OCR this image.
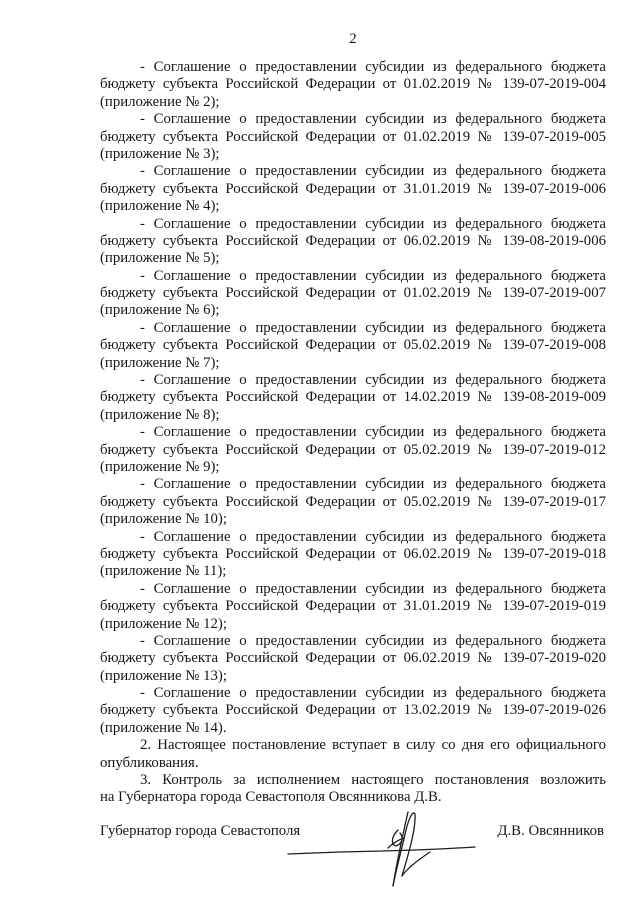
2
- Соглашение о предоставлении субсидии из федерального бюджета
бюджету субъекта Российской Федерации от 01.02.2019 № 139-07-2019-004
(приложение № 2);
- Соглашение о предоставлении субсидии из федерального бюджета
бюджету субъекта Российской Федерации от 01.02.2019 № 139-07-2019-005
(приложение № 3);
- Соглашение о предоставлении субсидии из федерального бюджета
бюджету субъекта Российской Федерации от 31.01.2019 № 139-07-2019-006
(приложение № 4);
- Соглашение о предоставлении субсидии из федерального бюджета
бюджету субъекта Российской Федерации от 06.02.2019 № 139-08-2019-006
(приложение № 5);
- Соглашение о предоставлении субсидии из федерального бюджета
бюджету субъекта Российской Федерации от 01.02.2019 № 139-07-2019-007
(приложение № 6);
- Соглашение о предоставлении субсидии из федерального бюджета
бюджету субъекта Российской Федерации от 05.02.2019 № 139-07-2019-008
(приложение № 7);
- Соглашение о предоставлении субсидии из федерального бюджета
бюджету субъекта Российской Федерации от 14.02.2019 № 139-08-2019-009
(приложение № 8);
- Соглашение о предоставлении субсидии из федерального бюджета
бюджету субъекта Российской Федерации от 05.02.2019 № 139-07-2019-012
(приложение № 9);
- Соглашение о предоставлении субсидии из федерального бюджета
бюджету субъекта Российской Федерации от 05.02.2019 № 139-07-2019-017
(приложение № 10);
- Соглашение о предоставлении субсидии из федерального бюджета
бюджету субъекта Российской Федерации от 06.02.2019 № 139-07-2019-018
(приложение № 11);
- Соглашение о предоставлении субсидии из федерального бюджета
бюджету субъекта Российской Федерации от 31.01.2019 № 139-07-2019-019
(приложение № 12);
- Соглашение о предоставлении субсидии из федерального бюджета
бюджету субъекта Российской Федерации от 06.02.2019 № 139-07-2019-020
(приложение № 13);
- Соглашение о предоставлении субсидии из федерального бюджета
бюджету субъекта Российской Федерации от 13.02.2019 № 139-07-2019-026
(приложение № 14).
2. Настоящее постановление вступает в силу со дня его официального
опубликования.
3. Контроль за исполнением настоящего постановления возложить
на Губернатора города Севастополя Овсянникова Д.В.
Губернатор города Севастополя	Д.В. Овсянников
